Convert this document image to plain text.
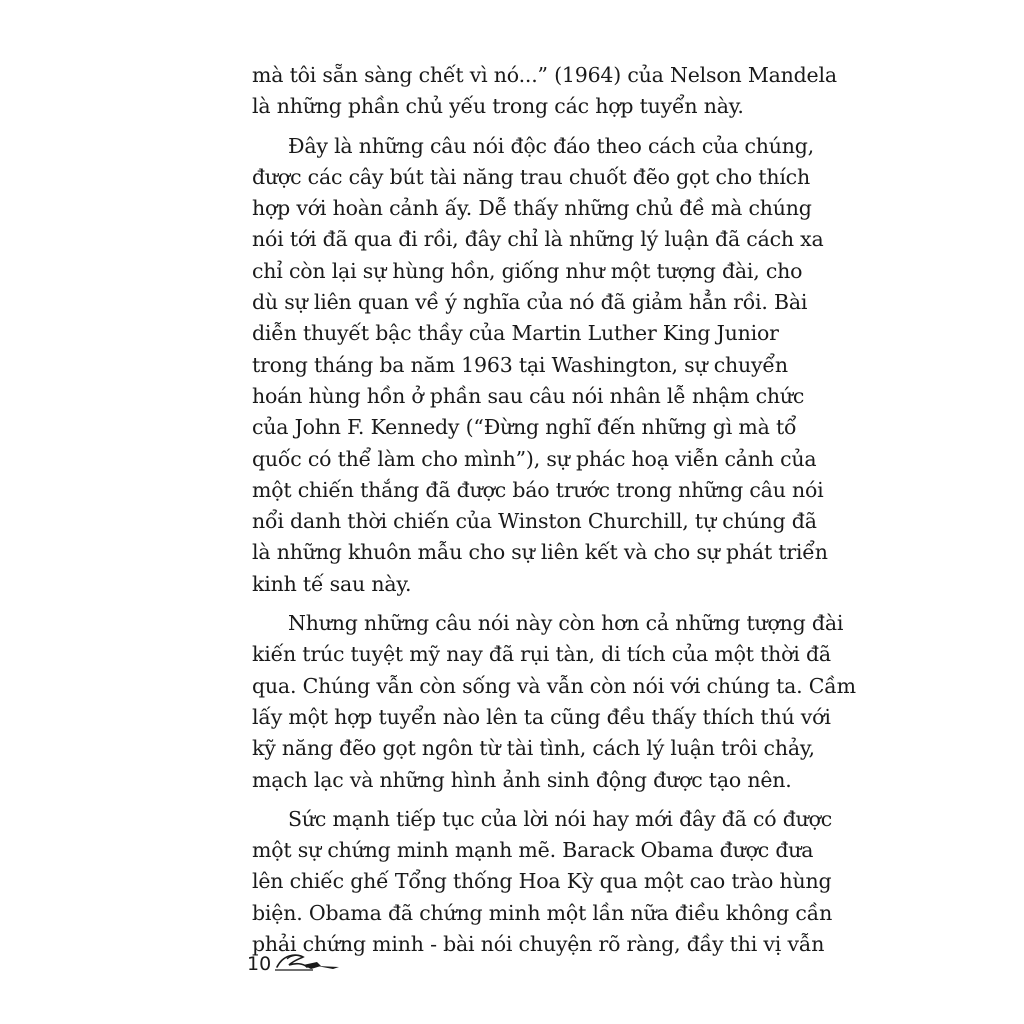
mà tôi sẵn sàng chết vì nó...” (1964) của Nelson Mandela
là những phần chủ yếu trong các hợp tuyển này.
Đây là những câu nói độc đáo theo cách của chúng,
được các cây bút tài năng trau chuốt đẽo gọt cho thích
hợp với hoàn cảnh ấy. Dễ thấy những chủ đề mà chúng
nói tới đã qua đi rồi, đây chỉ là những lý luận đã cách xa
chỉ còn lại sự hùng hồn, giống như một tượng đài, cho
dù sự liên quan về ý nghĩa của nó đã giảm hẳn rồi. Bài
diễn thuyết bậc thầy của Martin Luther King Junior
trong tháng ba năm 1963 tại Washington, sự chuyển
hoán hùng hồn ở phần sau câu nói nhân lễ nhậm chức
của John F. Kennedy (“Đừng nghĩ đến những gì mà tổ
quốc có thể làm cho mình”), sự phác hoạ viễn cảnh của
một chiến thắng đã được báo trước trong những câu nói
nổi danh thời chiến của Winston Churchill, tự chúng đã
là những khuôn mẫu cho sự liên kết và cho sự phát triển
kinh tế sau này.
Nhưng những câu nói này còn hơn cả những tượng đài
kiến trúc tuyệt mỹ nay đã rụi tàn, di tích của một thời đã
qua. Chúng vẫn còn sống và vẫn còn nói với chúng ta. Cầm
lấy một hợp tuyển nào lên ta cũng đều thấy thích thú với
kỹ năng đẽo gọt ngôn từ tài tình, cách lý luận trôi chảy,
mạch lạc và những hình ảnh sinh động được tạo nên.
Sức mạnh tiếp tục của lời nói hay mới đây đã có được
một sự chứng minh mạnh mẽ. Barack Obama được đưa
lên chiếc ghế Tổng thống Hoa Kỳ qua một cao trào hùng
biện. Obama đã chứng minh một lần nữa điều không cần
phải chứng minh - bài nói chuyện rõ ràng, đầy thi vị vẫn
10
